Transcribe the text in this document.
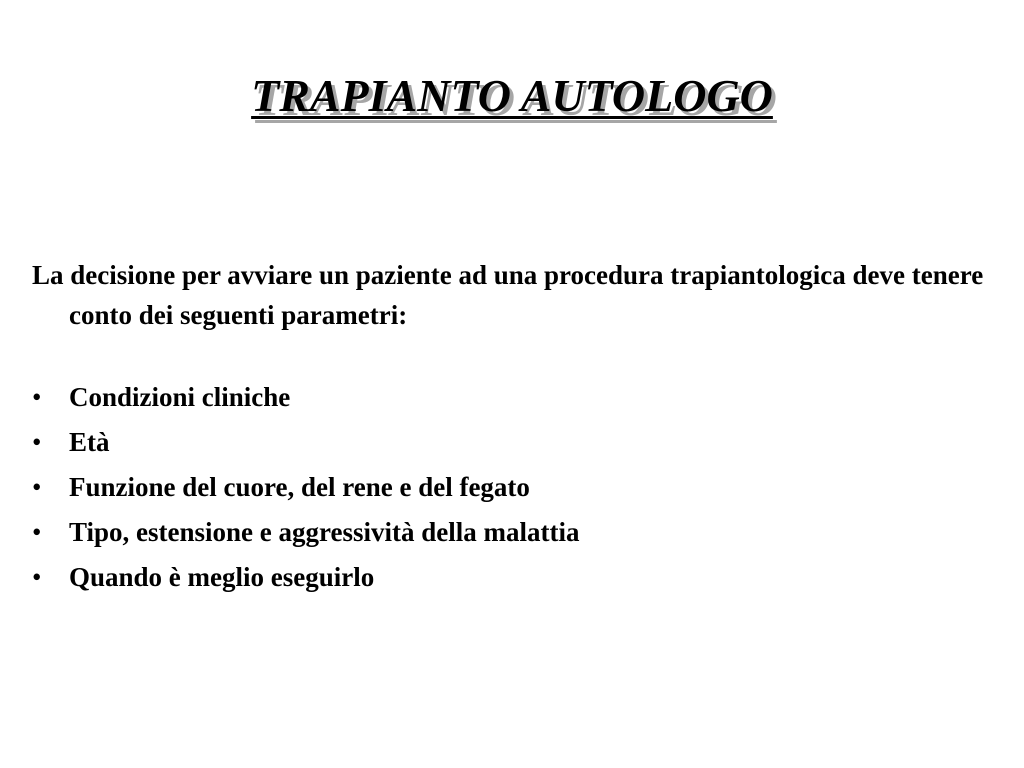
TRAPIANTO AUTOLOGO

La decisione per avviare un paziente ad una procedura trapiantologica deve tenere conto dei seguenti parametri:

•	Condizioni cliniche
•	Età
•	Funzione del cuore, del rene e del fegato
•	Tipo, estensione e aggressività della malattia
•	Quando è meglio eseguirlo
